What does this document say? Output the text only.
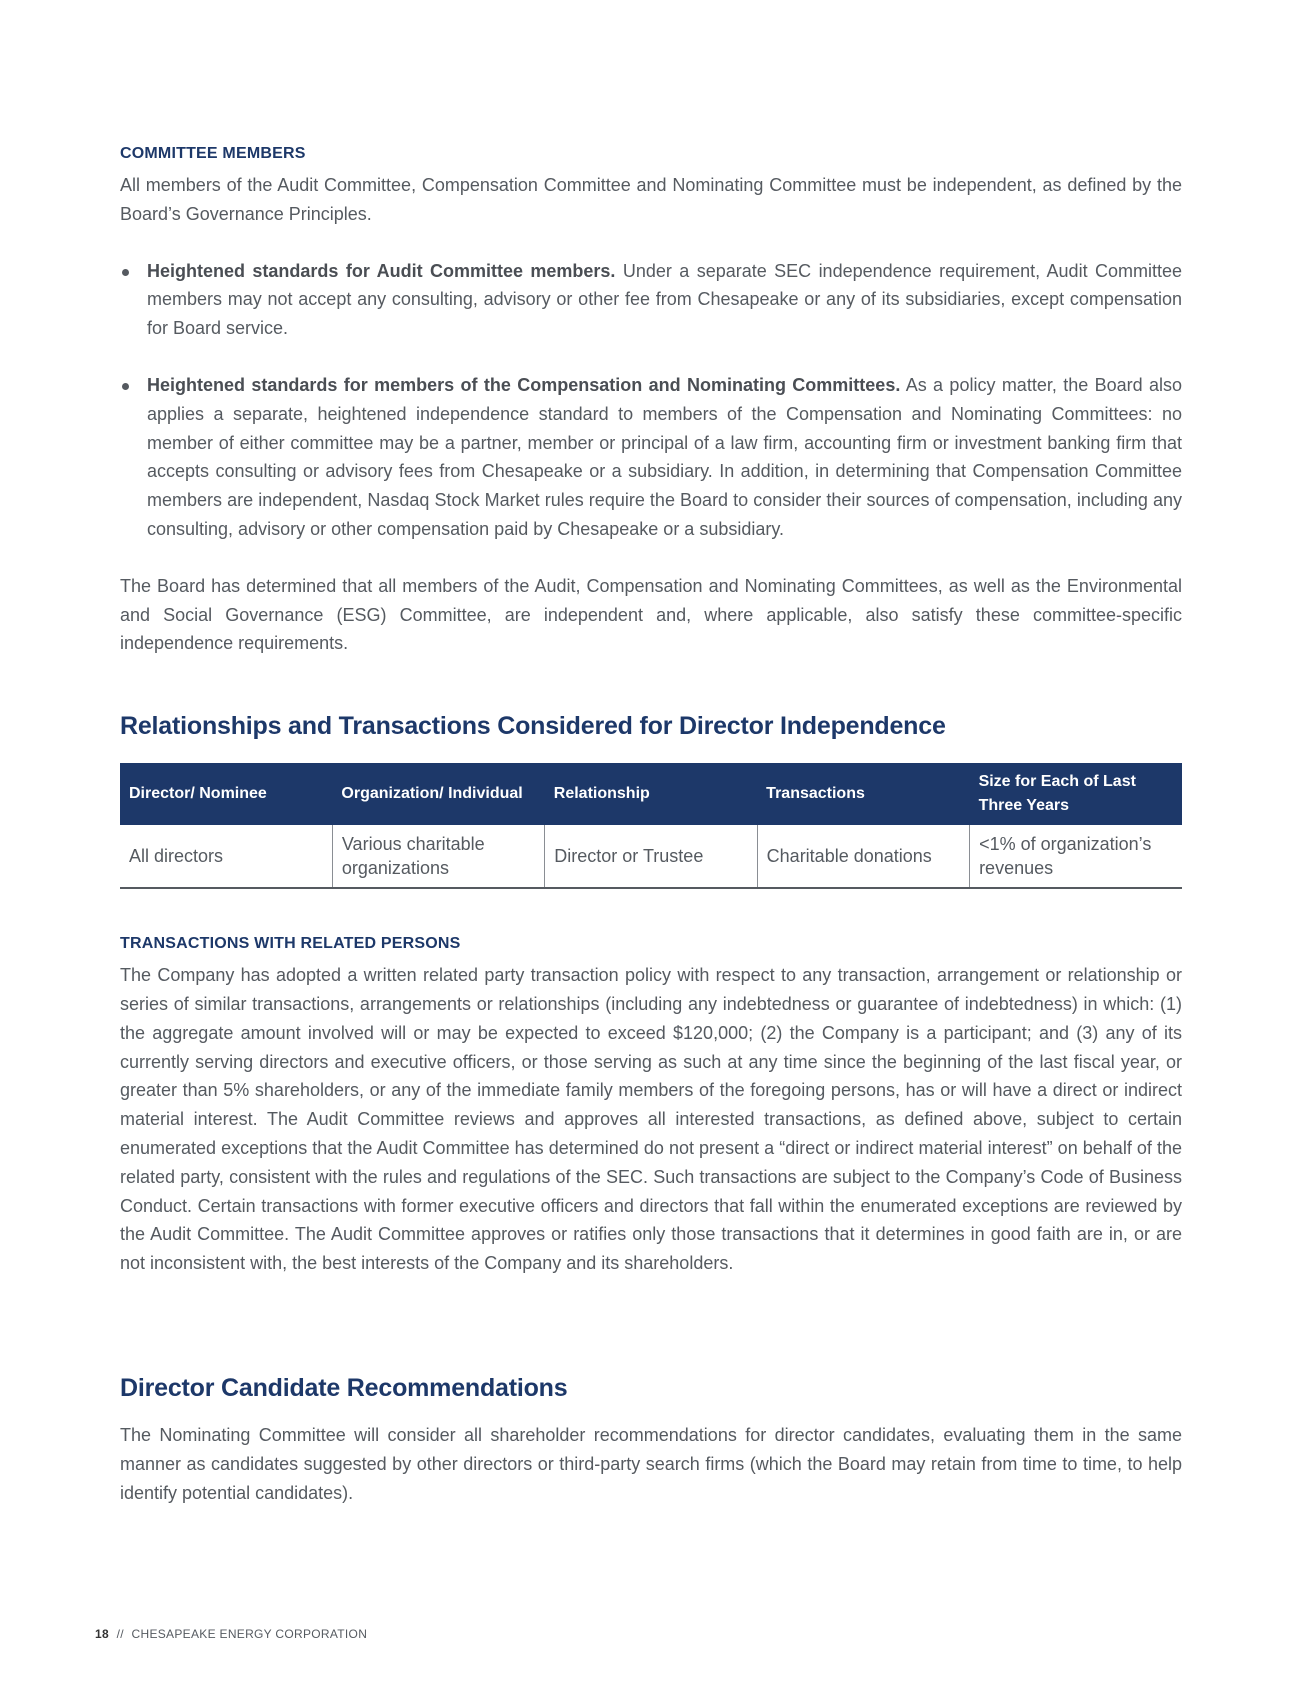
COMMITTEE MEMBERS

All members of the Audit Committee, Compensation Committee and Nominating Committee must be independent, as defined by the Board’s Governance Principles.

Heightened standards for Audit Committee members. Under a separate SEC independence requirement, Audit Committee members may not accept any consulting, advisory or other fee from Chesapeake or any of its subsidiaries, except compensation for Board service.

Heightened standards for members of the Compensation and Nominating Committees. As a policy matter, the Board also applies a separate, heightened independence standard to members of the Compensation and Nominating Committees: no member of either committee may be a partner, member or principal of a law firm, accounting firm or investment banking firm that accepts consulting or advisory fees from Chesapeake or a subsidiary. In addition, in determining that Compensation Committee members are independent, Nasdaq Stock Market rules require the Board to consider their sources of compensation, including any consulting, advisory or other compensation paid by Chesapeake or a subsidiary.

The Board has determined that all members of the Audit, Compensation and Nominating Committees, as well as the Environmental and Social Governance (ESG) Committee, are independent and, where applicable, also satisfy these committee-specific independence requirements.

Relationships and Transactions Considered for Director Independence
Director/ Nominee	Organization/ Individual	Relationship	Transactions	Size for Each of Last Three Years
All directors	Various charitable organizations	Director or Trustee	Charitable donations	<1% of organization’s revenues
TRANSACTIONS WITH RELATED PERSONS

The Company has adopted a written related party transaction policy with respect to any transaction, arrangement or relationship or series of similar transactions, arrangements or relationships (including any indebtedness or guarantee of indebtedness) in which: (1) the aggregate amount involved will or may be expected to exceed $120,000; (2) the Company is a participant; and (3) any of its currently serving directors and executive officers, or those serving as such at any time since the beginning of the last fiscal year, or greater than 5% shareholders, or any of the immediate family members of the foregoing persons, has or will have a direct or indirect material interest. The Audit Committee reviews and approves all interested transactions, as defined above, subject to certain enumerated exceptions that the Audit Committee has determined do not present a “direct or indirect material interest” on behalf of the related party, consistent with the rules and regulations of the SEC. Such transactions are subject to the Company’s Code of Business Conduct. Certain transactions with former executive officers and directors that fall within the enumerated exceptions are reviewed by the Audit Committee. The Audit Committee approves or ratifies only those transactions that it determines in good faith are in, or are not inconsistent with, the best interests of the Company and its shareholders.

Director Candidate Recommendations

The Nominating Committee will consider all shareholder recommendations for director candidates, evaluating them in the same manner as candidates suggested by other directors or third-party search firms (which the Board may retain from time to time, to help identify potential candidates).

18 // CHESAPEAKE ENERGY CORPORATION
